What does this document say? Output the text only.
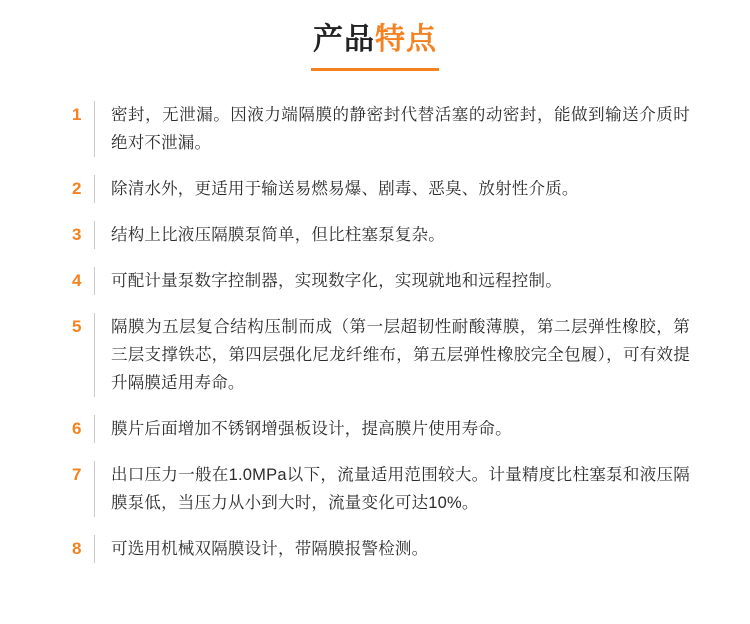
产品特点
1	密封，无泄漏。因液力端隔膜的静密封代替活塞的动密封，能做到输送介质时绝对不泄漏。
2	除清水外，更适用于输送易燃易爆、剧毒、恶臭、放射性介质。
3	结构上比液压隔膜泵简单，但比柱塞泵复杂。
4	可配计量泵数字控制器，实现数字化，实现就地和远程控制。
5	隔膜为五层复合结构压制而成（第一层超韧性耐酸薄膜，第二层弹性橡胶，第三层支撑铁芯，第四层强化尼龙纤维布，第五层弹性橡胶完全包履），可有效提升隔膜适用寿命。
6	膜片后面增加不锈钢增强板设计，提高膜片使用寿命。
7	出口压力一般在1.0MPa以下，流量适用范围较大。计量精度比柱塞泵和液压隔膜泵低，当压力从小到大时，流量变化可达10%。
8	可选用机械双隔膜设计，带隔膜报警检测。
